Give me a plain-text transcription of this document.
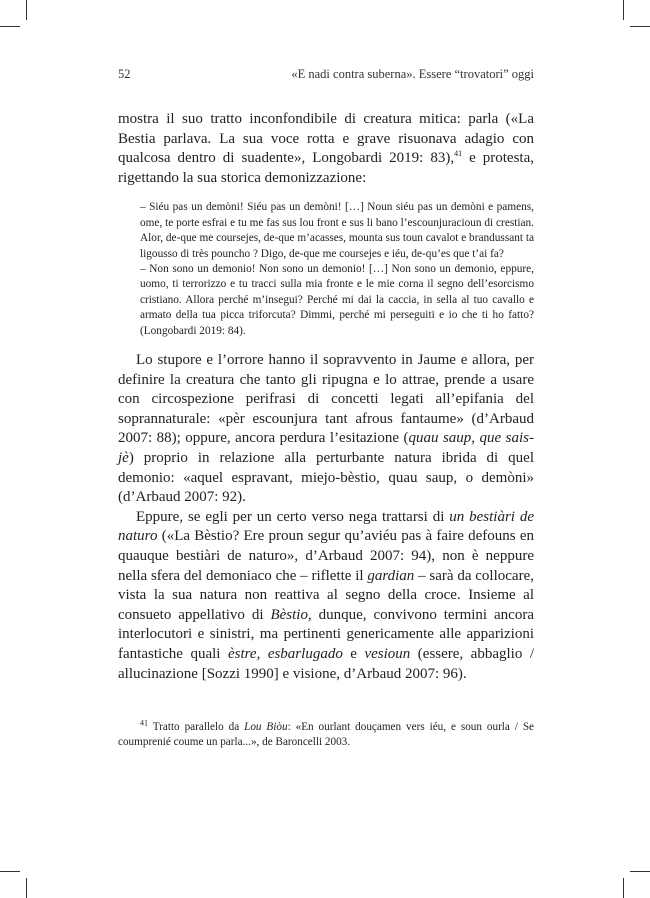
52	«E nadi contra suberna». Essere “trovatori” oggi

mostra il suo tratto inconfondibile di creatura mitica: parla («La Bestia parlava. La sua voce rotta e grave risuonava adagio con qualcosa dentro di suadente», Longobardi 2019: 83),$^{41}$ e protesta, rigettando la sua storica demonizzazione:

– Siéu pas un demòni! Siéu pas un demòni! […] Noun siéu pas un demòni e pamens, ome, te porte esfrai e tu me fas sus lou front e sus li bano l’escounjuracioun di crestian. Alor, de-que me coursejes, de-que m’acasses, mounta sus toun cavalot e brandussant ta ligousso di très pouncho ? Digo, de-que me coursejes e iéu, de-qu’es que t’ai fa?

– Non sono un demonio! Non sono un demonio! […] Non sono un demonio, eppure, uomo, ti terrorizzo e tu tracci sulla mia fronte e le mie corna il segno dell’esorcismo cristiano. Allora perché m’insegui? Perché mi dai la caccia, in sella al tuo cavallo e armato della tua picca triforcuta? Dimmi, perché mi perseguiti e io che ti ho fatto? (Longobardi 2019: 84).

Lo stupore e l’orrore hanno il sopravvento in Jaume e allora, per definire la creatura che tanto gli ripugna e lo attrae, prende a usare con circospezione perifrasi di concetti legati all’epifania del soprannaturale: «pèr escounjura tant afrous fantaume» (d’Arbaud 2007: 88); oppure, ancora perdura l’esitazione (quau saup, que sais-jè) proprio in relazione alla perturbante natura ibrida di quel demonio: «aquel espravant, miejo-bèstio, quau saup, o demòni» (d’Arbaud 2007: 92).

Eppure, se egli per un certo verso nega trattarsi di un bestiàri de naturo («La Bèstio? Ere proun segur qu’aviéu pas à faire defouns en quauque bestiàri de naturo», d’Arbaud 2007: 94), non è neppure nella sfera del demoniaco che – riflette il gardian – sarà da collocare, vista la sua natura non reattiva al segno della croce. Insieme al consueto appellativo di Bèstio, dunque, convivono termini ancora interlocutori e sinistri, ma pertinenti genericamente alle apparizioni fantastiche quali èstre, esbarlugado e vesioun (essere, abbaglio / allucinazione [Sozzi 1990] e visione, d’Arbaud 2007: 96).

$^{41}$ Tratto parallelo da Lou Biòu: «En ourlant douçamen vers iéu, e soun ourla / Se coumprenié coume un parla...», de Baroncelli 2003.
